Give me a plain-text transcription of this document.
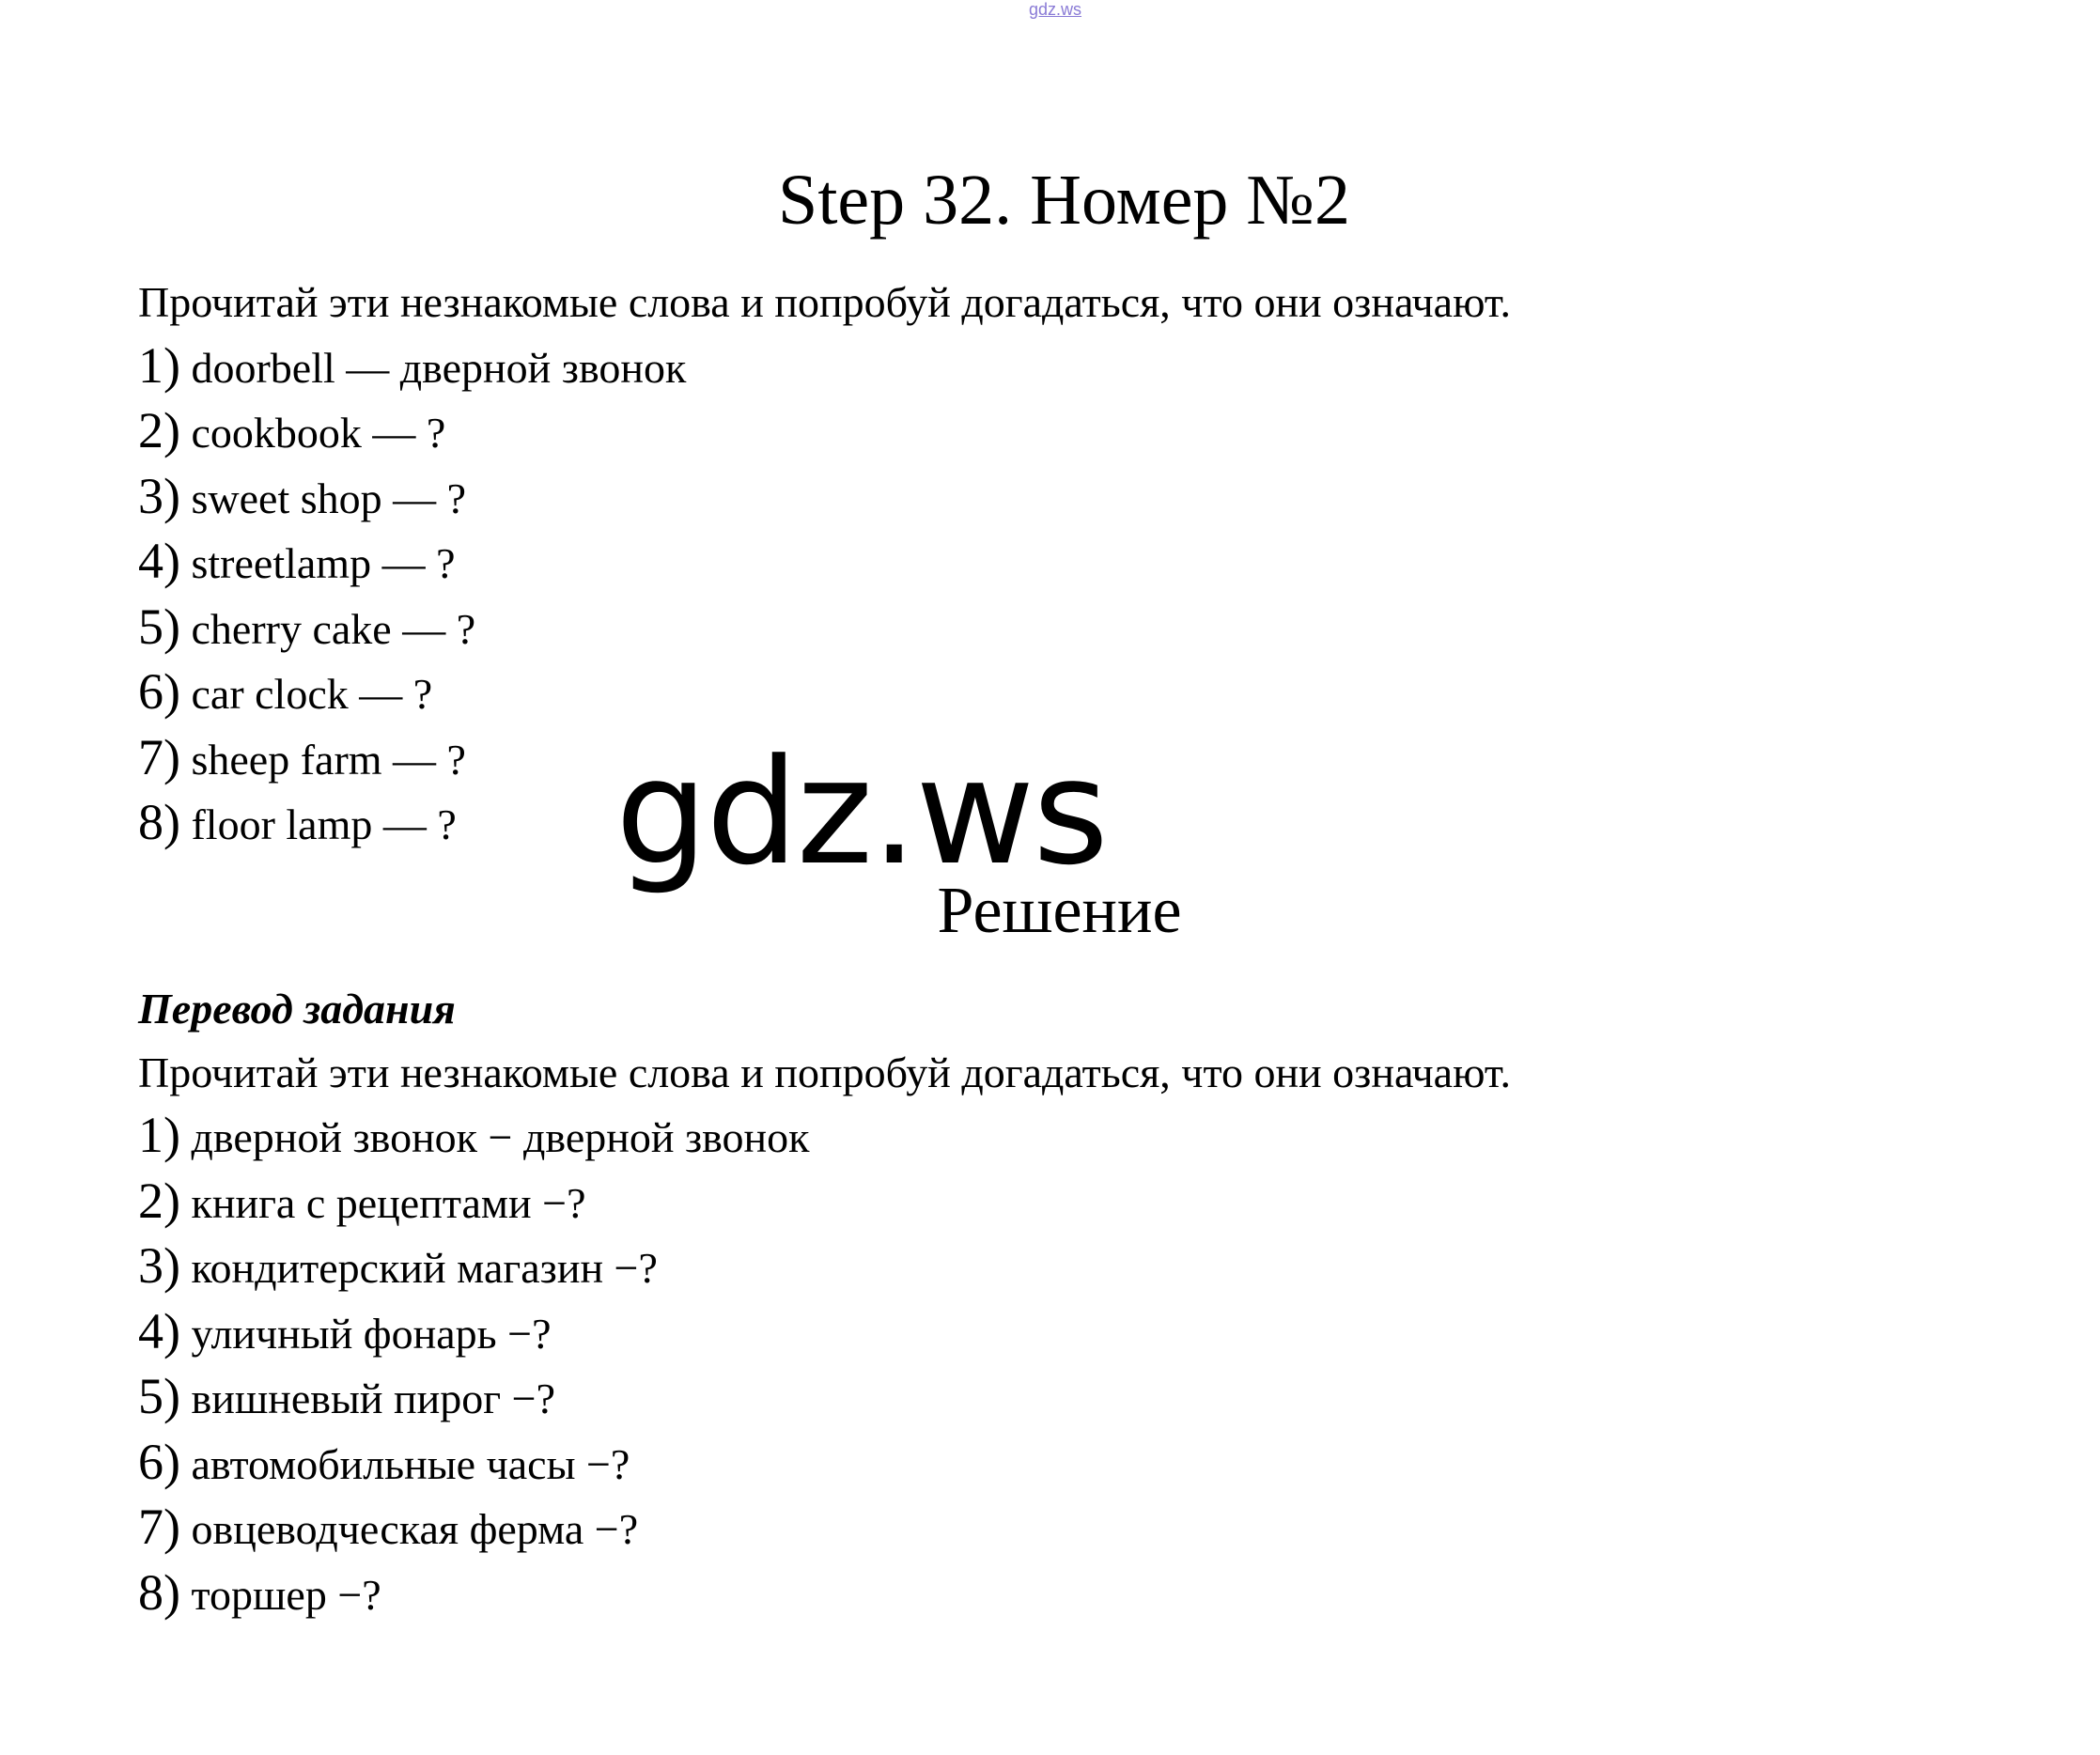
gdz.ws
Step 32. Номер №2
Прочитай эти незнакомые слова и попробуй догадаться, что они означают.
1) doorbell — дверной звонок
2) cookbook — ?
3) sweet shop — ?
4) streetlamp — ?
5) cherry cake — ?
6) car clock — ?
7) sheep farm — ?
8) floor lamp — ?	gdz.ws
Решение
Перевод задания
Прочитай эти незнакомые слова и попробуй догадаться, что они означают.
1) дверной звонок − дверной звонок
2) книга с рецептами −?
3) кондитерский магазин −?
4) уличный фонарь −?
5) вишневый пирог −?
6) автомобильные часы −?
7) овцеводческая ферма −?
8) торшер −?
